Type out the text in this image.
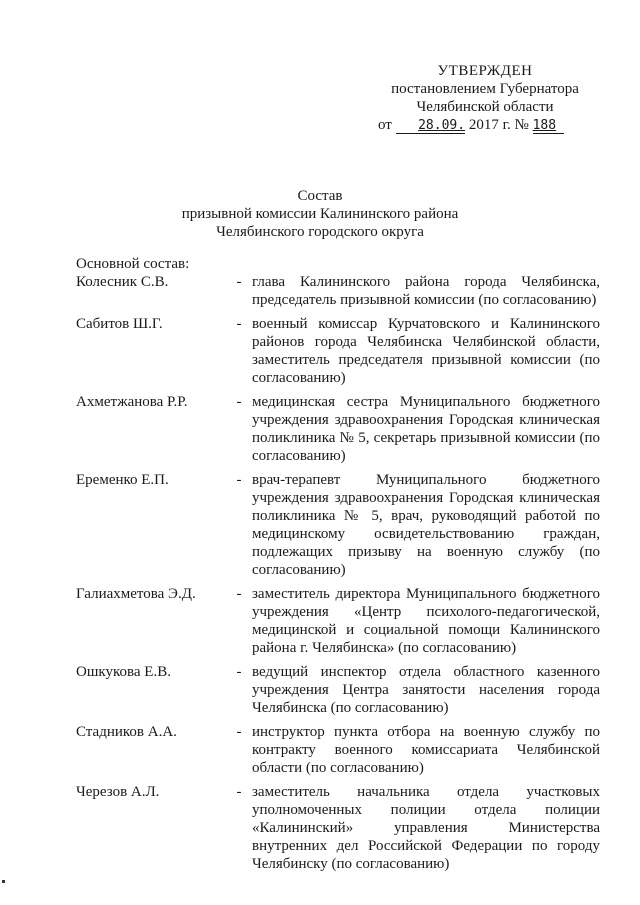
УТВЕРЖДЕН
постановлением Губернатора
Челябинской области
от 28.09. 2017 г. № 188
Состав
призывной комиссии Калининского района
Челябинского городского округа
Основной состав:
Колесник С.В.	- глава Калининского района города Челябинска, председатель призывной комиссии (по согласованию)
Сабитов Ш.Г.	- военный комиссар Курчатовского и Калининского районов города Челябинска Челябинской области, заместитель председателя призывной комиссии (по согласованию)
Ахметжанова Р.Р.	- медицинская сестра Муниципального бюджетного учреждения здравоохранения Городская клиническая поликлиника № 5, секретарь призывной комиссии (по согласованию)
Еременко Е.П.	- врач-терапевт Муниципального бюджетного учреждения здравоохранения Городская клиническая поликлиника № 5, врач, руководящий работой по медицинскому освидетельствованию граждан, подлежащих призыву на военную службу (по согласованию)
Галиахметова Э.Д.	- заместитель директора Муниципального бюджетного учреждения «Центр психолого-педагогической, медицинской и социальной помощи Калининского района г. Челябинска» (по согласованию)
Ошкукова Е.В.	- ведущий инспектор отдела областного казенного учреждения Центра занятости населения города Челябинска (по согласованию)
Стадников А.А.	- инструктор пункта отбора на военную службу по контракту военного комиссариата Челябинской области (по согласованию)
Черезов А.Л.	- заместитель начальника отдела участковых уполномоченных полиции отдела полиции «Калининский» управления Министерства внутренних дел Российской Федерации по городу Челябинску (по согласованию)
